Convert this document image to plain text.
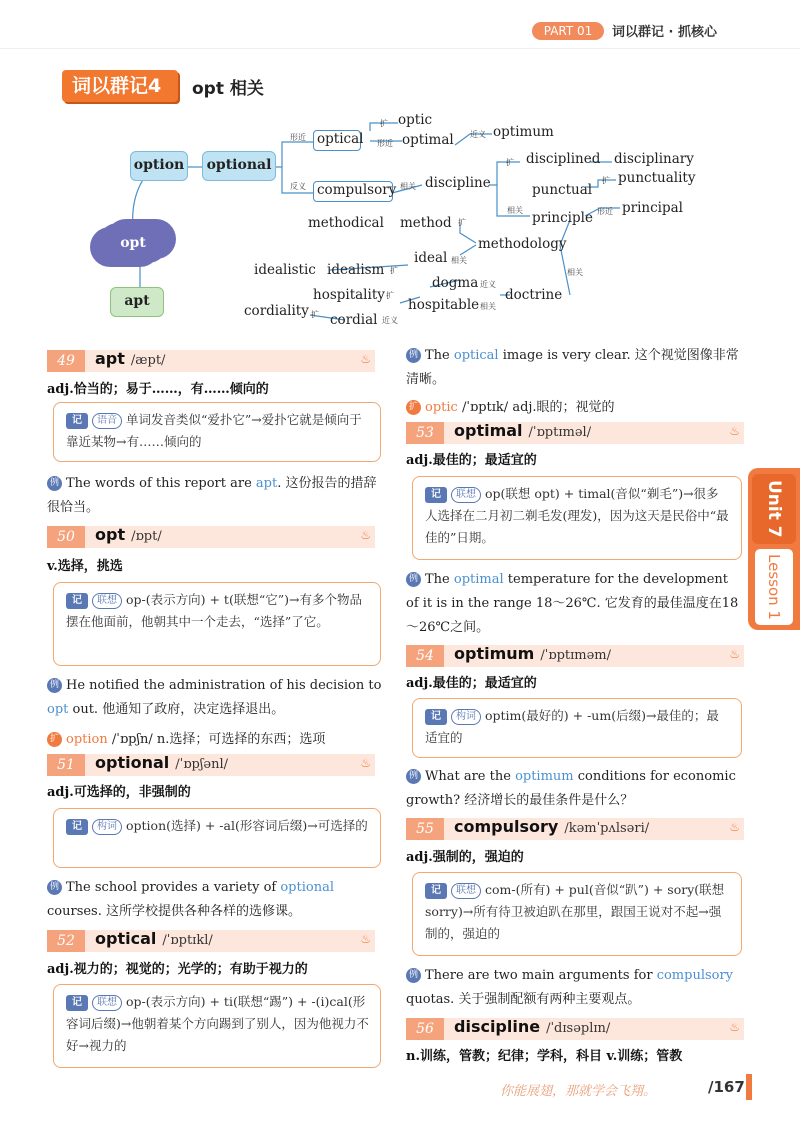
PART 01	词以群记 · 抓核心
Unit 7
Lesson 1
词以群记4	opt 相关
opt
apt
option	optional
optical
形近
扩 optic
形近 optimal 近义 optimum
反义 compulsory 相关 discipline
扩 disciplined disciplinary
相关
punctual
扩 punctuality
principle 形近 principal
methodical method 扩
methodology
相关
idealistic idealism 扩
ideal 相关
dogma 近义
doctrine
hospitality 扩
hospitable 相关
cordiality 扩 cordial 近义
49	apt /æpt/	♨
adj.恰当的；易于……，有……倾向的
记 语音 单词发音类似“爱扑它”→爱扑它就是倾向于靠近某物→有……倾向的
例 The words of this report are apt. 这份报告的措辞很恰当。
50	opt /ɒpt/	♨
v.选择，挑选
记 联想 op-(表示方向) + t(联想“它”)→有多个物品摆在他面前，他朝其中一个走去，“选择”了它。
例 He notified the administration of his decision to opt out. 他通知了政府，决定选择退出。
扩 option /ˈɒpʃn/ n.选择；可选择的东西；选项
51	optional /ˈɒpʃənl/	♨
adj.可选择的，非强制的
记 构词 option(选择) + -al(形容词后缀)→可选择的
例 The school provides a variety of optional courses. 这所学校提供各种各样的选修课。
52	optical /ˈɒptɪkl/	♨
adj.视力的；视觉的；光学的；有助于视力的
记 联想 op-(表示方向) + ti(联想“踢”) + -(i)cal(形容词后缀)→他朝着某个方向踢到了别人，因为他视力不好→视力的
例 The optical image is very clear. 这个视觉图像非常清晰。
扩 optic /ˈɒptɪk/ adj.眼的；视觉的
53	optimal /ˈɒptɪməl/	♨
adj.最佳的；最适宜的
记 联想 op(联想 opt) + timal(音似“剃毛”)→很多人选择在二月初二剃毛发(理发)，因为这天是民俗中“最佳的”日期。
例 The optimal temperature for the development of it is in the range 18～26℃. 它发育的最佳温度在18～26℃之间。
54	optimum /ˈɒptɪməm/	♨
adj.最佳的；最适宜的
记 构词 optim(最好的) + -um(后缀)→最佳的；最适宜的
例 What are the optimum conditions for economic growth? 经济增长的最佳条件是什么？
55	compulsory /kəmˈpʌlsəri/	♨
adj.强制的，强迫的
记 联想 com-(所有) + pul(音似“趴”) + sory(联想 sorry)→所有待卫被迫趴在那里，跟国王说对不起→强制的，强迫的
例 There are two main arguments for compulsory quotas. 关于强制配额有两种主要观点。
56	discipline /ˈdɪsəplɪn/	♨
n.训练，管教；纪律；学科，科目 v.训练；管教
你能展翅，那就学会飞翔。	/167
